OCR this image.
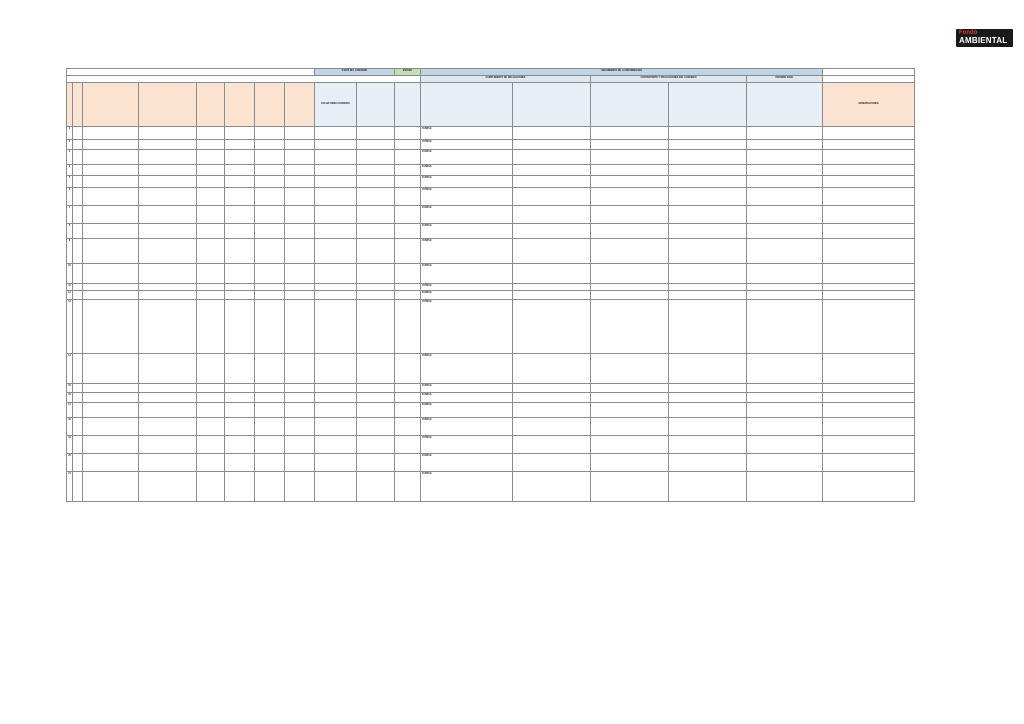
Fondo
AMBIENTAL
								ETAPA DEL CONVENIO		ESTADO	SEGUIMIENTO DE LA INFORMACIÓN					
											CUMPLIMIENTO DE OBLIGACIONES		CONTRAPARTE Y OBLIGACIONES DEL CONVENIO		INFORME FINAL	
								FECHA FIRMA CONVENIO								OBSERVACIONES
1											CUMPLE					
2											CUMPLE					
3											CUMPLE					
4											CUMPLE					
5											CUMPLE					
6											CUMPLE					
7											CUMPLE					
8											CUMPLE					
9											CUMPLE					
10											CUMPLE					
11											CUMPLE					
12											CUMPLE					
13											CUMPLE					
14											CUMPLE					
15											CUMPLE					
16											CUMPLE					
17											CUMPLE					
18											CUMPLE					
19											CUMPLE					
20											CUMPLE					
21											CUMPLE					
